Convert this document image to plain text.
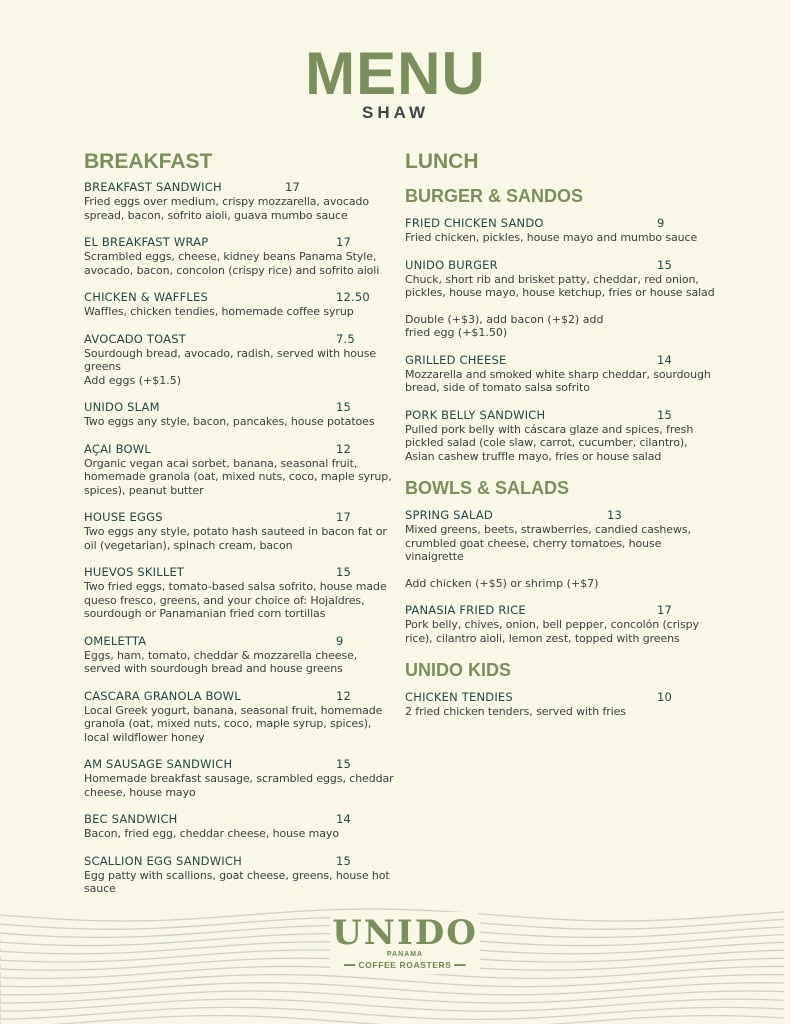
MENU
SHAW
BREAKFAST
BREAKFAST SANDWICH	17
Fried eggs over medium, crispy mozzarella, avocado spread, bacon, sofrito aioli, guava mumbo sauce
EL BREAKFAST WRAP	17
Scrambled eggs, cheese, kidney beans Panama Style, avocado, bacon, concolon (crispy rice) and sofrito aioli
CHICKEN & WAFFLES	12.50
Waffles, chicken tendies, homemade coffee syrup
AVOCADO TOAST	7.5
Sourdough bread, avocado, radish, served with house greens
Add eggs (+$1.5)
UNIDO SLAM	15
Two eggs any style, bacon, pancakes, house potatoes
AÇAI BOWL	12
Organic vegan acai sorbet, banana, seasonal fruit, homemade granola (oat, mixed nuts, coco, maple syrup, spices), peanut butter
HOUSE EGGS	17
Two eggs any style, potato hash sauteed in bacon fat or oil (vegetarian), spinach cream, bacon
HUEVOS SKILLET	15
Two fried eggs, tomato-based salsa sofrito, house made queso fresco, greens, and your choice of: Hojaldres, sourdough or Panamanian fried corn tortillas
OMELETTA	9
Eggs, ham, tomato, cheddar & mozzarella cheese, served with sourdough bread and house greens
CASCARA GRANOLA BOWL	12
Local Greek yogurt, banana, seasonal fruit, homemade granola (oat, mixed nuts, coco, maple syrup, spices), local wildflower honey
AM SAUSAGE SANDWICH	15
Homemade breakfast sausage, scrambled eggs, cheddar cheese, house mayo
BEC SANDWICH	14
Bacon, fried egg, cheddar cheese, house mayo
SCALLION EGG SANDWICH	15
Egg patty with scallions, goat cheese, greens, house hot sauce
LUNCH
BURGER & SANDOS
FRIED CHICKEN SANDO	9
Fried chicken, pickles, house mayo and mumbo sauce
UNIDO BURGER	15
Chuck, short rib and brisket patty, cheddar, red onion, pickles, house mayo, house ketchup, fries or house salad
Double (+$3), add bacon (+$2) add fried egg (+$1.50)
GRILLED CHEESE	14
Mozzarella and smoked white sharp cheddar, sourdough bread, side of tomato salsa sofrito
PORK BELLY SANDWICH	15
Pulled pork belly with cáscara glaze and spices, fresh pickled salad (cole slaw, carrot, cucumber, cilantro), Asian cashew truffle mayo, fries or house salad
BOWLS & SALADS
SPRING SALAD	13
Mixed greens, beets, strawberries, candied cashews, crumbled goat cheese, cherry tomatoes, house vinaigrette
Add chicken (+$5) or shrimp (+$7)
PANASIA FRIED RICE	17
Pork belly, chives, onion, bell pepper, concolón (crispy rice), cilantro aioli, lemon zest, topped with greens
UNIDO KIDS
CHICKEN TENDIES	10
2 fried chicken tenders, served with fries
UNIDO
PANAMA
━━ COFFEE ROASTERS ━━
